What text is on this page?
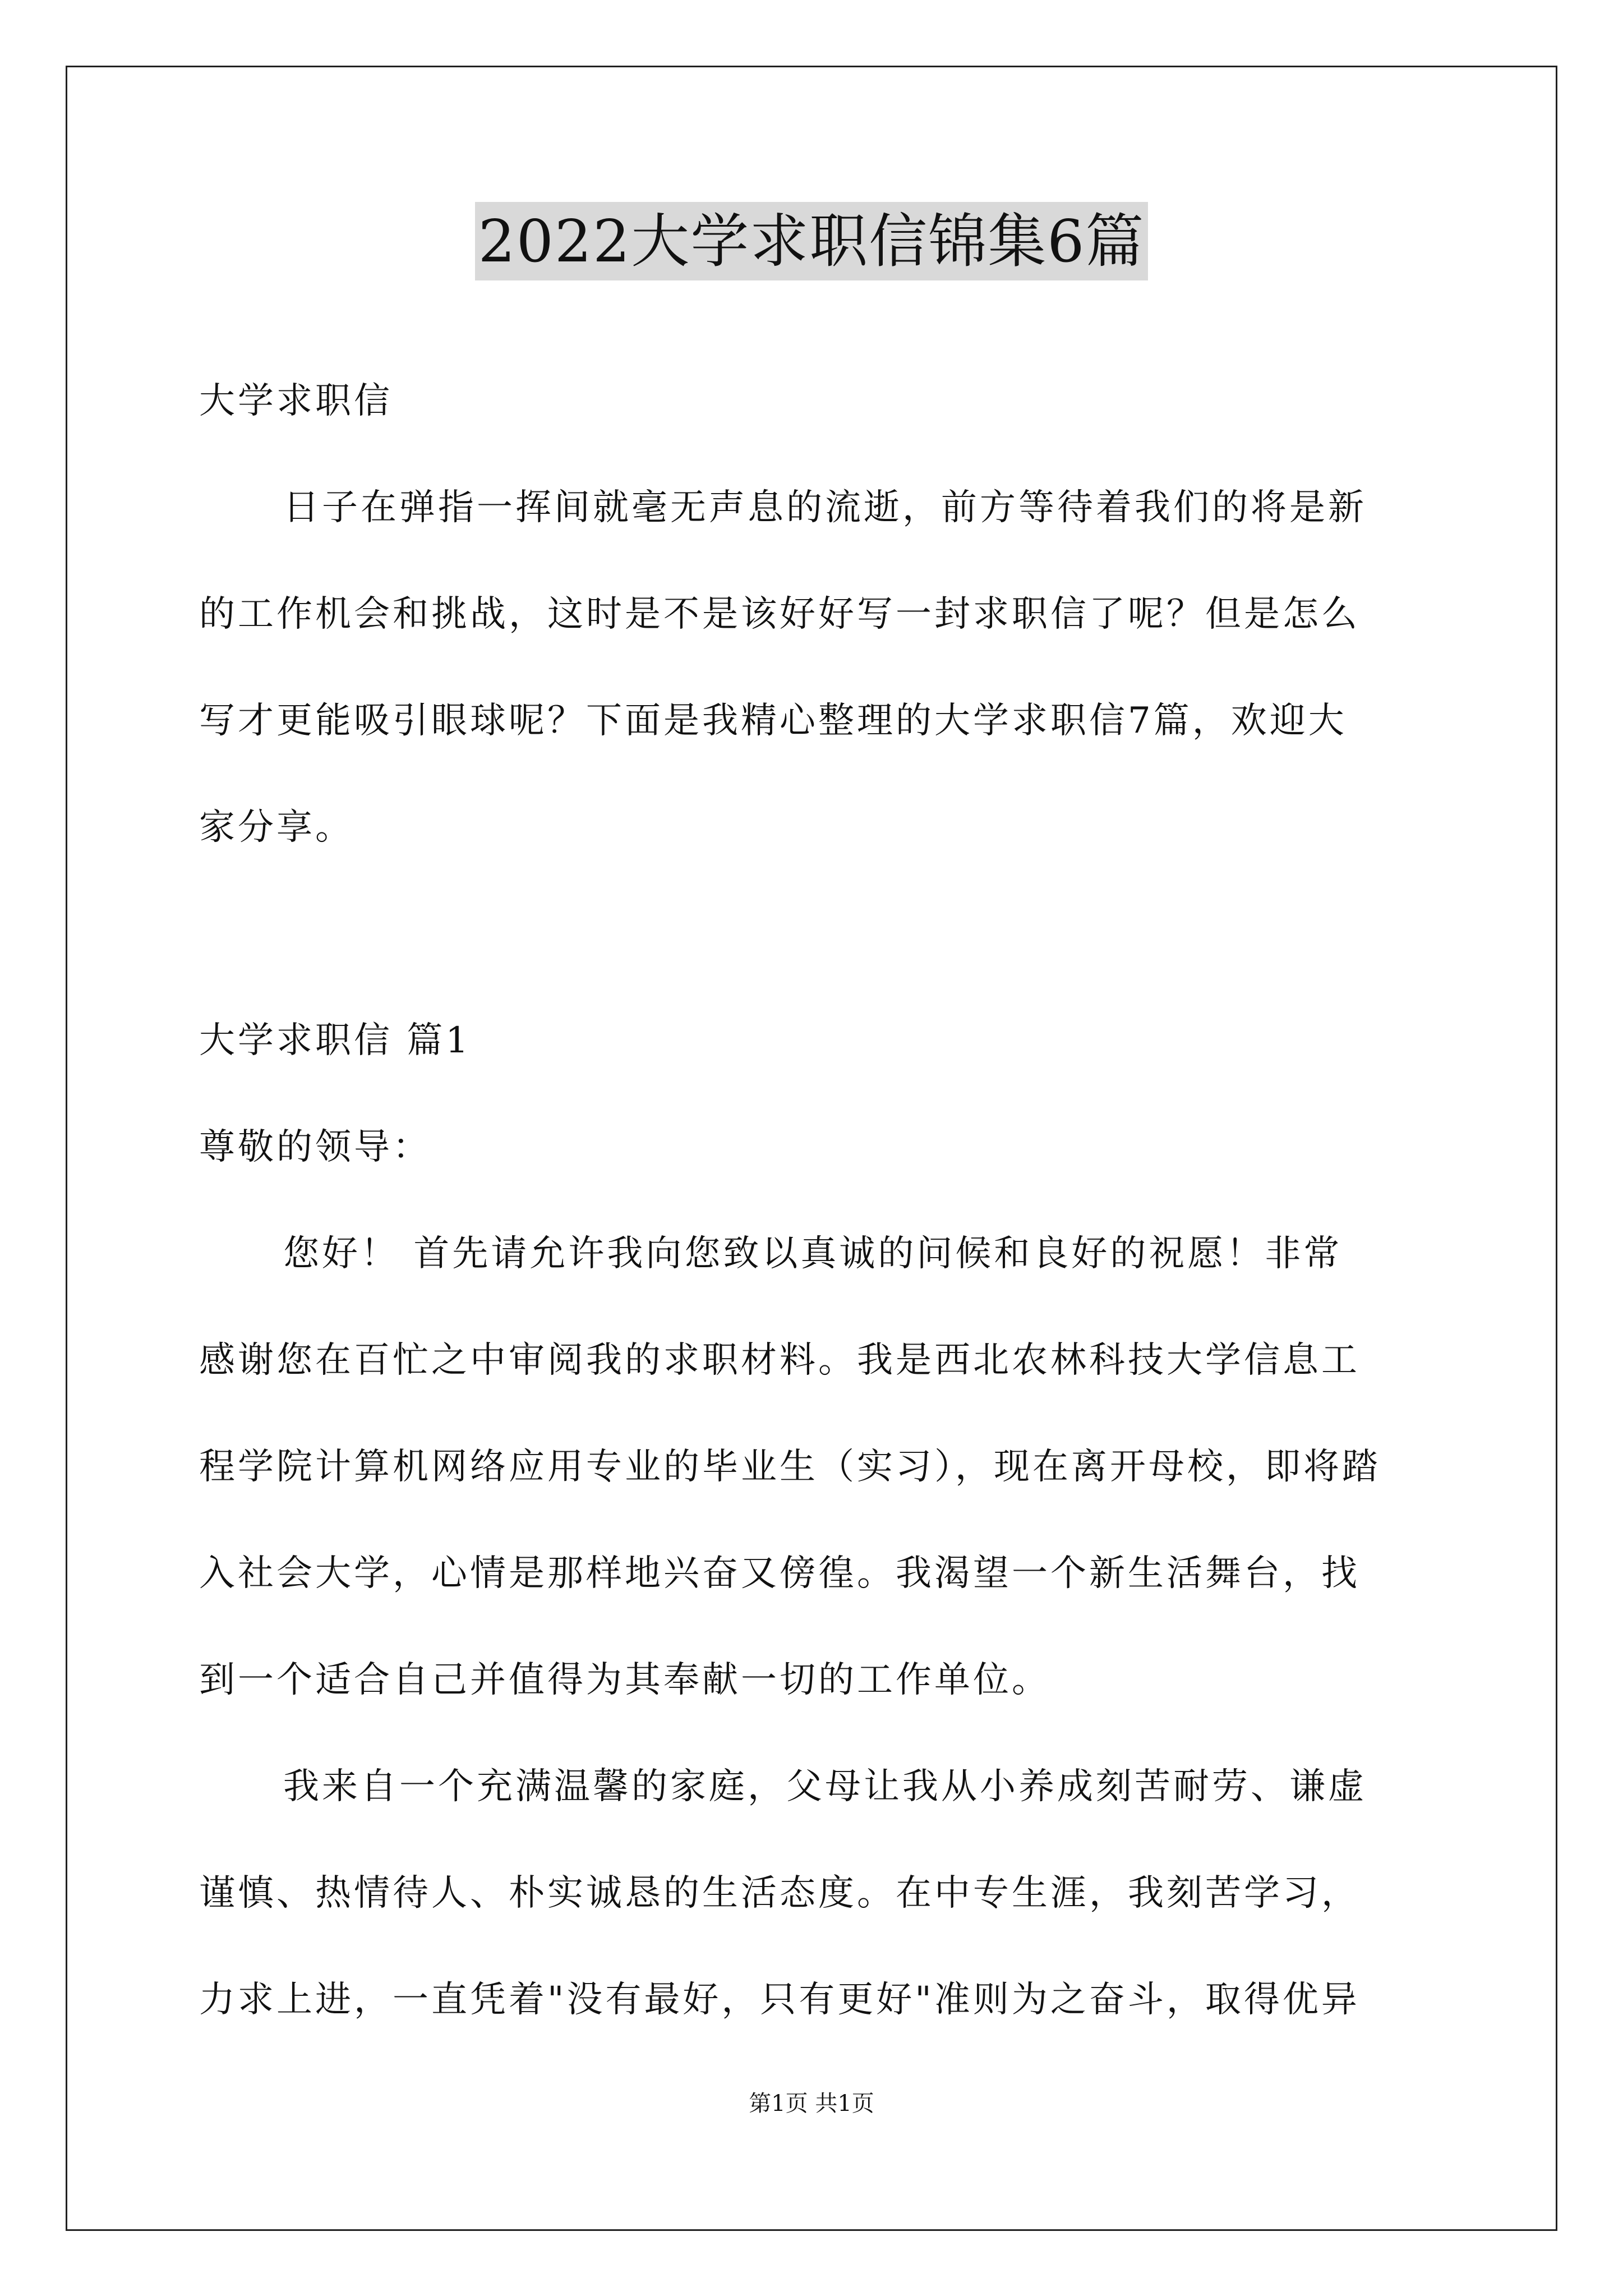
2022大学求职信锦集6篇
大学求职信
日子在弹指一挥间就毫无声息的流逝，前方等待着我们的将是新
的工作机会和挑战，这时是不是该好好写一封求职信了呢？但是怎么
写才更能吸引眼球呢？下面是我精心整理的大学求职信7篇，欢迎大
家分享。
大学求职信 篇1
尊敬的领导：
您好！ 首先请允许我向您致以真诚的问候和良好的祝愿！非常
感谢您在百忙之中审阅我的求职材料。我是西北农林科技大学信息工
程学院计算机网络应用专业的毕业生（实习），现在离开母校，即将踏
入社会大学，心情是那样地兴奋又傍徨。我渴望一个新生活舞台，找
到一个适合自己并值得为其奉献一切的工作单位。
我来自一个充满温馨的家庭，父母让我从小养成刻苦耐劳、谦虚
谨慎、热情待人、朴实诚恳的生活态度。在中专生涯，我刻苦学习，
力求上进，一直凭着"没有最好，只有更好"准则为之奋斗，取得优异
第1页 共1页
